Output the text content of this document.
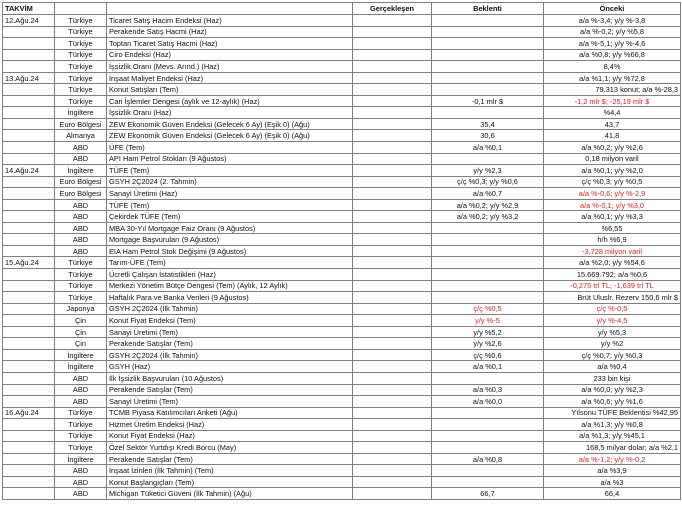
TAKVİM			Gerçekleşen	Beklenti	Önceki
12.Ağu.24	Türkiye	Ticaret Satış Hacim Endeksi (Haz)			a/a %-3,4; y/y %-3,8
	Türkiye	Perakende Satış Hacmi (Haz)			a/a %-0,2; y/y %5,8
	Türkiye	Toptan Ticaret Satış Hacmi (Haz)			a/a %-5,1; y/y %-4,6
	Türkiye	Ciro Endeksi (Haz)			a/a %0,8; y/y %66,8
	Türkiye	İşsizlik Oranı (Mevs. Arınd.) (Haz)			8,4%
13.Ağu.24	Türkiye	İnşaat Maliyet Endeksi (Haz)			a/a %1,1; y/y %72,8
	Türkiye	Konut Satışları (Tem)			79.313 konut; a/a %-28,3
	Türkiye	Cari İşlemler Dengesi (aylık ve 12-aylık) (Haz)		-0,1 mlr $	-1,2 mlr $; -25,19 mlr $
	İngiltere	İşsizlik Oranı (Haz)			%4,4
	Euro Bölgesi	ZEW Ekonomik Güven Endeksi (Gelecek 6 Ay) (Eşik 0) (Ağu)		35,4	43,7
	Almanya	ZEW Ekonomik Güven Endeksi (Gelecek 6 Ay) (Eşik 0) (Ağu)		30,6	41,8
	ABD	ÜFE (Tem)		a/a %0,1	a/a %0,2; y/y %2,6
	ABD	API Ham Petrol Stokları (9 Ağustos)			0,18 milyon varil
14.Ağu.24	İngiltere	TÜFE (Tem)		y/y %2,3	a/a %0,1; y/y %2,0
	Euro Bölgesi	GSYH 2Ç2024 (2. Tahmin)		ç/ç %0,3; y/y %0,6	ç/ç %0,3; y/y %0,5
	Euro Bölgesi	Sanayi Üretimi (Haz)		a/a %0,7	a/a %-0,6; y/y %-2,9
	ABD	TÜFE (Tem)		a/a %0,2; y/y %2,9	a/a %-0,1; y/y %3,0
	ABD	Çekirdek TÜFE (Tem)		a/a %0,2; y/y %3,2	a/a %0,1; y/y %3,3
	ABD	MBA 30-Yıl Mortgage Faiz Oranı (9 Ağustos)			%6,55
	ABD	Mortgage Başvuruları (9 Ağustos)			h/h %6,9
	ABD	EIA Ham Petrol Stok Değişimi (9 Ağustos)			-3,728 milyon varil
15.Ağu.24	Türkiye	Tarım-ÜFE (Tem)			a/a %2,0; y/y %54,6
	Türkiye	Ücretli Çalışan İstatistikleri (Haz)			15.669.792; a/a %0,6
	Türkiye	Merkezi Yönetim Bütçe Dengesi (Tem) (Aylık, 12 Aylık)			-0,275 trl TL; -1,639 trl TL
	Türkiye	Haftalık Para ve Banka Verileri (9 Ağustos)			Brüt Uluslr. Rezerv 150,6 mlr $
	Japonya	GSYH 2Ç2024 (İlk Tahmin)		ç/ç %0,5	ç/ç %-0,5
	Çin	Konut Fiyat Endeksi (Tem)		y/y %-5	y/y %-4,5
	Çin	Sanayi Üretimi (Tem)		y/y %5,2	y/y %5,3
	Çin	Perakende Satışlar (Tem)		y/y %2,6	y/y %2
	İngiltere	GSYH 2Ç2024 (İlk Tahmin)		ç/ç %0,6	ç/ç %0,7; y/y %0,3
	İngiltere	GSYH (Haz)		a/a %0,1	a/a %0,4
	ABD	İlk İşsizlik Başvuruları (10 Ağustos)			233 bin kişi
	ABD	Perakende Satışlar (Tem)		a/a %0,3	a/a %0,0; y/y %2,3
	ABD	Sanayi Üretimi (Tem)		a/a %0,0	a/a %0,6; y/y %1,6
16.Ağu.24	Türkiye	TCMB Piyasa Katılımcıları Anketi (Ağu)			Yılsonu TÜFE Beklentisi %42,95
	Türkiye	Hizmet Üretim Endeksi (Haz)			a/a %1,3; y/y %0,8
	Türkiye	Konut Fiyat Endeksi (Haz)			a/a %1,3; y/y %45,1
	Türkiye	Özel Sektör Yurtdışı Kredi Borcu (May)			168,5 milyar dolar; a/a %2,1
	İngiltere	Perakende Satışlar (Tem)		a/a %0,8	a/a %-1,2; y/y %-0,2
	ABD	İnşaat İzinleri (İlk Tahmin) (Tem)			a/a %3,9
	ABD	Konut Başlangıçları (Tem)			a/a %3
	ABD	Michigan Tüketici Güveni (İlk Tahmin) (Ağu)		66,7	66,4
